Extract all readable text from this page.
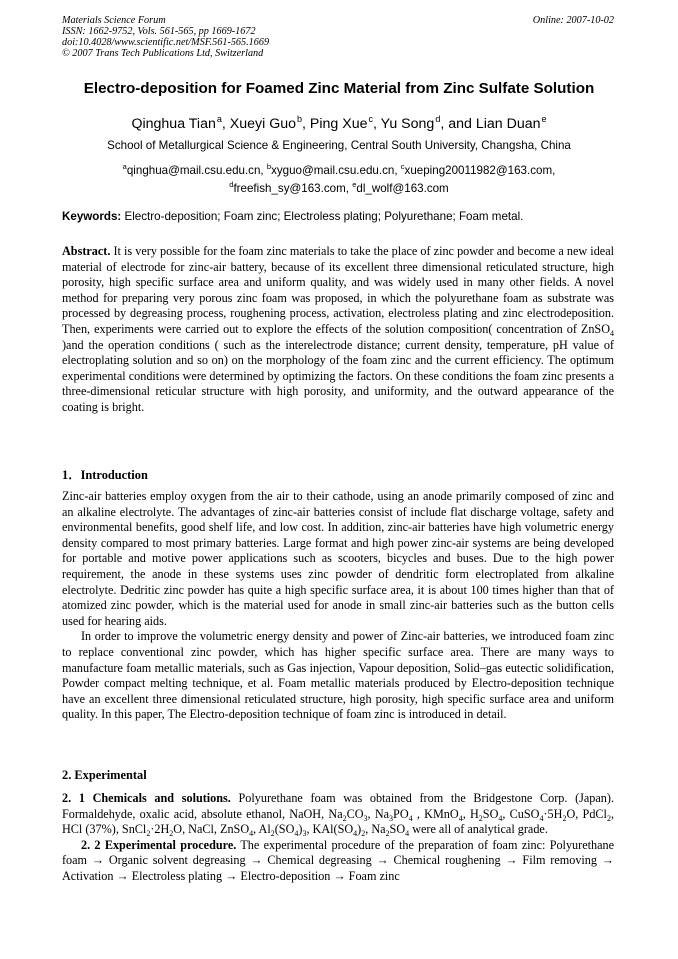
Materials Science Forum
ISSN: 1662-9752, Vols. 561-565, pp 1669-1672
doi:10.4028/www.scientific.net/MSF.561-565.1669
© 2007 Trans Tech Publications Ltd, Switzerland
Online: 2007-10-02
Electro-deposition for Foamed Zinc Material from Zinc Sulfate Solution
Qinghua Tian$^a$, Xueyi Guo$^b$, Ping Xue$^c$, Yu Song$^d$, and Lian Duan$^e$
School of Metallurgical Science & Engineering, Central South University, Changsha, China
$^a$qinghua@mail.csu.edu.cn, $^b$xyguo@mail.csu.edu.cn, $^c$xueping20011982@163.com,
$^d$freefish_sy@163.com, $^e$dl_wolf@163.com
Keywords: Electro-deposition; Foam zinc; Electroless plating; Polyurethane; Foam metal.

Abstract. It is very possible for the foam zinc materials to take the place of zinc powder and become a new ideal material of electrode for zinc-air battery, because of its excellent three dimensional reticulated structure, high porosity, high specific surface area and uniform quality, and was widely used in many other fields. A novel method for preparing very porous zinc foam was proposed, in which the polyurethane foam as substrate was processed by degreasing process, roughening process, activation, electroless plating and zinc electrodeposition. Then, experiments were carried out to explore the effects of the solution composition( concentration of ZnSO$_4$ )and the operation conditions ( such as the interelectrode distance; current density, temperature, pH value of electroplating solution and so on) on the morphology of the foam zinc and the current efficiency. The optimum experimental conditions were determined by optimizing the factors. On these conditions the foam zinc presents a three-dimensional reticular structure with high porosity, and uniformity, and the outward appearance of the coating is bright.

1．Introduction

Zinc-air batteries employ oxygen from the air to their cathode, using an anode primarily composed of zinc and an alkaline electrolyte. The advantages of zinc-air batteries consist of include flat discharge voltage, safety and environmental benefits, good shelf life, and low cost. In addition, zinc-air batteries have high volumetric energy density compared to most primary batteries. Large format and high power zinc-air systems are being developed for portable and motive power applications such as scooters, bicycles and buses. Due to the high power requirement, the anode in these systems uses zinc powder of dendritic form electroplated from alkaline electrolyte. Dedritic zinc powder has quite a high specific surface area, it is about 100 times higher than that of atomized zinc powder, which is the material used for anode in small zinc-air batteries such as the button cells used for hearing aids.

In order to improve the volumetric energy density and power of Zinc-air batteries, we introduced foam zinc to replace conventional zinc powder, which has higher specific surface area. There are many ways to manufacture foam metallic materials, such as Gas injection, Vapour deposition, Solid–gas eutectic solidification, Powder compact melting technique, et al. Foam metallic materials produced by Electro-deposition technique have an excellent three dimensional reticulated structure, high porosity, high specific surface area and uniform quality. In this paper, The Electro-deposition technique of foam zinc is introduced in detail.

2. Experimental

2. 1 Chemicals and solutions. Polyurethane foam was obtained from the Bridgestone Corp. (Japan). Formaldehyde, oxalic acid, absolute ethanol, NaOH, $Na_2CO_3$, $Na_3PO_4$ , KMnO$_4$, $H_2SO_4$, $CuSO_4\cdot 5H_2O$, PdCl$_2$, HCl (37%), $SnCl_2\cdot 2H_2O$, NaCl, ZnSO$_4$, $Al_2(SO_4)_3$, $KAl(SO_4)_2$, $Na_2SO_4$ were all of analytical grade.

2. 2 Experimental procedure. The experimental procedure of the preparation of foam zinc: Polyurethane foam → Organic solvent degreasing → Chemical degreasing → Chemical roughening → Film removing → Activation → Electroless plating → Electro-deposition → Foam zinc
